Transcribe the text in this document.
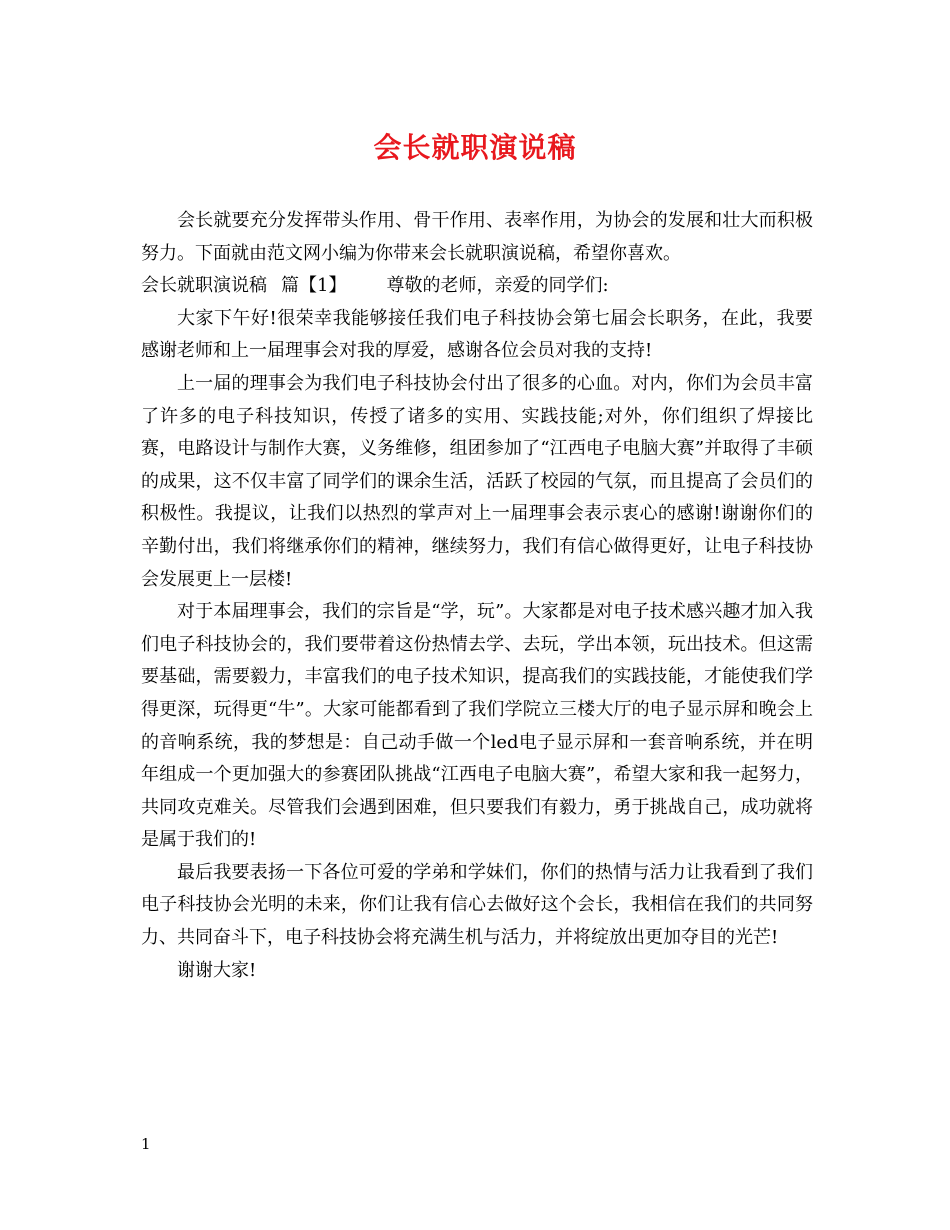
会长就职演说稿

会长就要充分发挥带头作用、骨干作用、表率作用，为协会的发展和壮大而积极努力。下面就由范文网小编为你带来会长就职演说稿，希望你喜欢。

会长就职演说稿 篇【1】 尊敬的老师，亲爱的同学们:

大家下午好!很荣幸我能够接任我们电子科技协会第七届会长职务，在此，我要感谢老师和上一届理事会对我的厚爱，感谢各位会员对我的支持!

上一届的理事会为我们电子科技协会付出了很多的心血。对内，你们为会员丰富了许多的电子科技知识，传授了诸多的实用、实践技能;对外，你们组织了焊接比赛，电路设计与制作大赛，义务维修，组团参加了“江西电子电脑大赛”并取得了丰硕的成果，这不仅丰富了同学们的课余生活，活跃了校园的气氛，而且提高了会员们的积极性。我提议，让我们以热烈的掌声对上一届理事会表示衷心的感谢!谢谢你们的辛勤付出，我们将继承你们的精神，继续努力，我们有信心做得更好，让电子科技协会发展更上一层楼!

对于本届理事会，我们的宗旨是“学，玩”。大家都是对电子技术感兴趣才加入我们电子科技协会的，我们要带着这份热情去学、去玩，学出本领，玩出技术。但这需要基础，需要毅力，丰富我们的电子技术知识，提高我们的实践技能，才能使我们学得更深，玩得更“牛”。大家可能都看到了我们学院立三楼大厅的电子显示屏和晚会上的音响系统，我的梦想是：自己动手做一个led电子显示屏和一套音响系统，并在明年组成一个更加强大的参赛团队挑战“江西电子电脑大赛”，希望大家和我一起努力，共同攻克难关。尽管我们会遇到困难，但只要我们有毅力，勇于挑战自己，成功就将是属于我们的!

最后我要表扬一下各位可爱的学弟和学妹们，你们的热情与活力让我看到了我们电子科技协会光明的未来，你们让我有信心去做好这个会长，我相信在我们的共同努力、共同奋斗下，电子科技协会将充满生机与活力，并将绽放出更加夺目的光芒!

谢谢大家!

1
